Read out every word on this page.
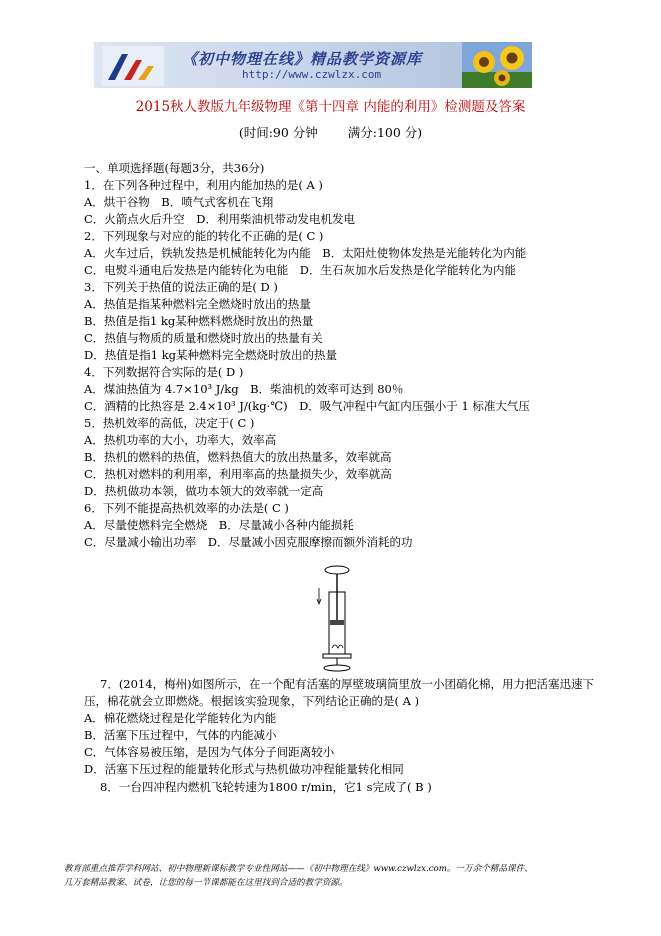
《初中物理在线》精品教学资源库
http://www.czwlzx.com
2015秋人教版九年级物理《第十四章 内能的利用》检测题及答案
(时间:90 分钟 满分:100 分)
一、单项选择题(每题3分，共36分)
1．在下列各种过程中，利用内能加热的是( A )
A．烘干谷物　B．喷气式客机在飞翔
C．火箭点火后升空　D．利用柴油机带动发电机发电
2．下列现象与对应的能的转化不正确的是( C )
A．火车过后，铁轨发热是机械能转化为内能　B．太阳灶使物体发热是光能转化为内能
C．电熨斗通电后发热是内能转化为电能　D．生石灰加水后发热是化学能转化为内能
3．下列关于热值的说法正确的是( D )
A．热值是指某种燃料完全燃烧时放出的热量
B．热值是指1 kg某种燃料燃烧时放出的热量
C．热值与物质的质量和燃烧时放出的热量有关
D．热值是指1 kg某种燃料完全燃烧时放出的热量
4．下列数据符合实际的是( D )
A．煤油热值为 4.7×10³ J/kg　B．柴油机的效率可达到 80％
C．酒精的比热容是 2.4×10³ J/(kg·℃)　D．吸气冲程中气缸内压强小于 1 标准大气压
5．热机效率的高低，决定于( C )
A．热机功率的大小，功率大，效率高
B．热机的燃料的热值，燃料热值大的放出热量多，效率就高
C．热机对燃料的利用率，利用率高的热量损失少，效率就高
D．热机做功本领，做功本领大的效率就一定高
6．下列不能提高热机效率的办法是( C )
A．尽量使燃料完全燃烧　B．尽量减小各种内能损耗
C．尽量减小输出功率　D．尽量减小因克服摩擦而额外消耗的功
7．(2014，梅州)如图所示，在一个配有活塞的厚壁玻璃筒里放一小团硝化棉，用力把活塞迅速下
压，棉花就会立即燃烧。根据该实验现象，下列结论正确的是( A )
A．棉花燃烧过程是化学能转化为内能
B．活塞下压过程中，气体的内能减小
C．气体容易被压缩，是因为气体分子间距离较小
D．活塞下压过程的能量转化形式与热机做功冲程能量转化相同
8．一台四冲程内燃机飞轮转速为1800 r/min，它1 s完成了( B )
教育部重点推荐学科网站、初中物理新课标教学专业性网站——《初中物理在线》www.czwlzx.com。一万余个精品课件、
几万套精品教案、试卷，让您的每一节课都能在这里找到合适的教学资源。
